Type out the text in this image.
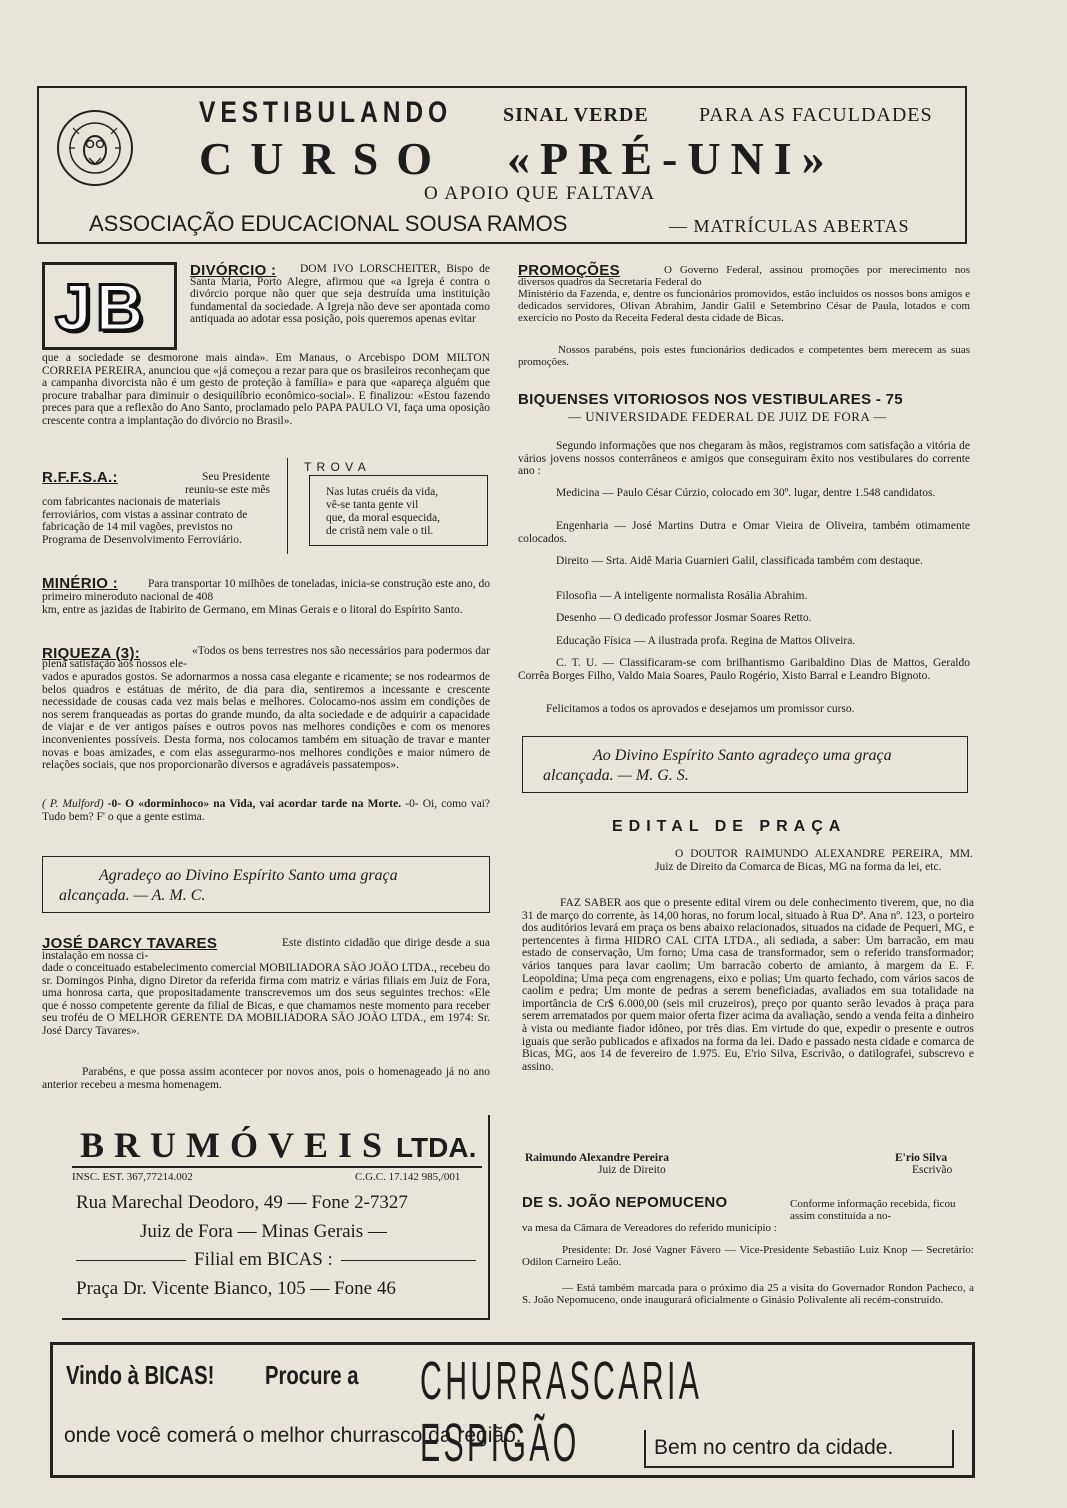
VESTIBULANDO	SINAL VERDE	PARA AS FACULDADES
CURSO «PRÉ-UNI»
O APOIO QUE FALTAVA
ASSOCIAÇÃO EDUCACIONAL SOUSA RAMOS	— MATRÍCULAS ABERTAS
JB	DIVÓRCIO :	DOM IVO LORSCHEITER, Bispo de Santa Maria, Porto Alegre, afirmou que «a Igreja é contra o divórcio porque não quer que seja destruída uma instituição fundamental da sociedade. A Igreja não deve ser apontada como antiquada ao adotar essa posição, pois queremos apenas evitar

que a sociedade se desmorone mais ainda». Em Manaus, o Arcebispo DOM MILTON CORREIA PEREIRA, anunciou que «já começou a rezar para que os brasileiros reconheçam que a campanha divorcista não é um gesto de proteção à família» e para que «apareça alguém que procure trabalhar para diminuir o desiquilíbrio econômico-social». E finalizou: «Estou fazendo preces para que a reflexão do Ano Santo, proclamado pelo PAPA PAULO VI, faça uma oposição crescente contra a implantação do divórcio no Brasil».

R.F.F.S.A.:	Seu Presidente reuniu-se este mês

com fabricantes nacionais de materiais ferroviários, com vistas a assinar contrato de fabricação de 14 mil vagões, previstos no Programa de Desenvolvimento Ferroviário.

T R O V A
Nas lutas cruéis da vida,
vê-se tanta gente vil
que, da moral esquecida,
de cristã nem vale o til.
MINÉRIO :	Para transportar 10 milhões de toneladas, inicia-se construção este ano, do primeiro mineroduto nacional de 408

km, entre as jazidas de Itabirito de Germano, em Minas Gerais e o litoral do Espírito Santo.

RIQUEZA (3):	«Todos os bens terrestres nos são necessários para podermos dar plena satisfação aos nossos ele-

vados e apurados gostos. Se adornarmos a nossa casa elegante e ricamente; se nos rodearmos de belos quadros e estátuas de mérito, de dia para dia, sentiremos a incessante e crescente necessidade de cousas cada vez mais belas e melhores. Colocamo-nos assim em condições de nos serem franqueadas as portas do grande mundo, da alta sociedade e de adquirir a capacidade de viajar e de ver antigos países e outros povos nas melhores condições e com os menores inconvenientes possíveis. Desta forma, nos colocamos também em situação de travar e manter novas e boas amizades, e com elas assegurarmo-nos melhores condições e maior número de relações sociais, que nos proporcionarão diversos e agradáveis passatempos».

( P. Mulford) -0- O «dorminhoco» na Vida, vai acordar tarde na Morte. -0- Oi, como vai? Tudo bem? F' o que a gente estima.
Agradeço ao Divino Espírito Santo uma graça
alcançada. — A. M. C.
JOSÉ DARCY TAVARES	Este distinto cidadão que dirige desde a sua instalação em nossa ci-

dade o conceituado estabelecimento comercial MOBILIADORA SÃO JOÃO LTDA., recebeu do sr. Domingos Pinha, digno Diretor da referida firma com matriz e várias filiais em Juiz de Fora, uma honrosa carta, que propositadamente transcrevemos um dos seus seguintes trechos: «Ele que é nosso competente gerente da filial de Bicas, e que chamamos neste momento para receber seu troféu de O MELHOR GERENTE DA MOBILIADORA SÃO JOÃO LTDA., em 1974: Sr. José Darcy Tavares».

Parabéns, e que possa assim acontecer por novos anos, pois o homenageado já no ano anterior recebeu a mesma homenagem.

BRUMÓVEIS LTDA.
INSC. EST. 367,77214.002	C.G.C. 17.142 985,/001
Rua Marechal Deodoro, 49 — Fone 2-7327
Juiz de Fora — Minas Gerais —
Filial em BICAS :
Praça Dr. Vicente Bianco, 105 — Fone 46
PROMOÇÕES	O Governo Federal, assinou promoções por merecimento nos diversos quadros da Secretaria Federal do

Ministério da Fazenda, e, dentre os funcionários promovidos, estão incluidos os nossos bons amigos e dedicados servidores, Olivan Abrahim, Jandir Galil e Setembrino César de Paula, lotados e com exercício no Posto da Receita Federal desta cidade de Bicas.

Nossos parabéns, pois estes funcionários dedicados e competentes bem merecem as suas promoções.

BIQUENSES VITORIOSOS NOS VESTIBULARES - 75
— UNIVERSIDADE FEDERAL DE JUIZ DE FORA —

Segundo informações que nos chegaram às mãos, registramos com satisfação a vitória de vários jovens nossos conterrâneos e amigos que conseguiram êxito nos vestibulares do corrente ano :

Medicina — Paulo César Cúrzio, colocado em 30º. lugar, dentre 1.548 candidatos.

Engenharia — José Martins Dutra e Omar Vieira de Oliveira, também otimamente colocados.

Direito — Srta. Aidê Maria Guarnieri Galil, classificada também com destaque.

Filosofia — A inteligente normalista Rosália Abrahim.

Desenho — O dedicado professor Josmar Soares Retto.

Educação Física — A ilustrada profa. Regina de Mattos Oliveira.

C. T. U. — Classificaram-se com brilhantismo Garibaldino Dias de Mattos, Geraldo Corrêa Borges Filho, Valdo Maia Soares, Paulo Rogério, Xisto Barral e Leandro Bignoto.

Felicitamos a todos os aprovados e desejamos um promissor curso.

Ao Divino Espírito Santo agradeço uma graça
alcançada. — M. G. S.
EDITAL DE PRAÇA

O DOUTOR RAIMUNDO ALEXANDRE PEREIRA, MM. Juiz de Direito da Comarca de Bicas, MG na forma da lei, etc.

FAZ SABER aos que o presente edital virem ou dele conhecimento tiverem, que, no dia 31 de março do corrente, às 14,00 horas, no forum local, situado à Rua Dª. Ana nº. 123, o porteiro dos auditórios levará em praça os bens abaixo relacionados, situados na cidade de Pequeri, MG, e pertencentes à firma HIDRO CAL CITA LTDA., ali sediada, a saber: Um barracão, em mau estado de conservação, Um forno; Uma casa de transformador, sem o referido transformador; vários tanques para lavar caolim; Um barracão coberto de amianto, à margem da E. F. Leopoldina; Uma peça com engrenagens, eixo e polias; Um quarto fechado, com vários sacos de caolim e pedra; Um monte de pedras a serem beneficiadas, avaliados em sua totalidade na importância de Cr$ 6.000,00 (seis mil cruzeiros), preço por quanto serão levados à praça para serem arrematados por quem maior oferta fizer acima da avaliação, sendo a venda feita a dinheiro à vista ou mediante fiador idôneo, por três dias. Em virtude do que, expedir o presente e outros iguais que serão publicados e afixados na forma da lei. Dado e passado nesta cidade e comarca de Bicas, MG, aos 14 de fevereiro de 1.975. Eu, E'rio Silva, Escrivão, o datilografei, subscrevo e assino.

Raimundo Alexandre Pereira
Juiz de Direito
E'rio Silva
Escrivão
DE S. JOÃO NEPOMUCENO	Conforme informação recebida, ficou assim constituída a no-

va mesa da Câmara de Vereadores do referido município :

Presidente: Dr. José Vagner Fávero — Vice-Presidente Sebastião Luiz Knop — Secretário: Odilon Carneiro Leão.

— Está também marcada para o próximo dia 25 a visita do Governador Rondon Pacheco, a S. João Nepomuceno, onde inaugurará oficialmente o Ginásio Polivalente ali recém-construído.

Vindo à BICAS! Procure a CHURRASCARIA ESPIGÃO
onde você comerá o melhor churrasco da região.
Bem no centro da cidade.
